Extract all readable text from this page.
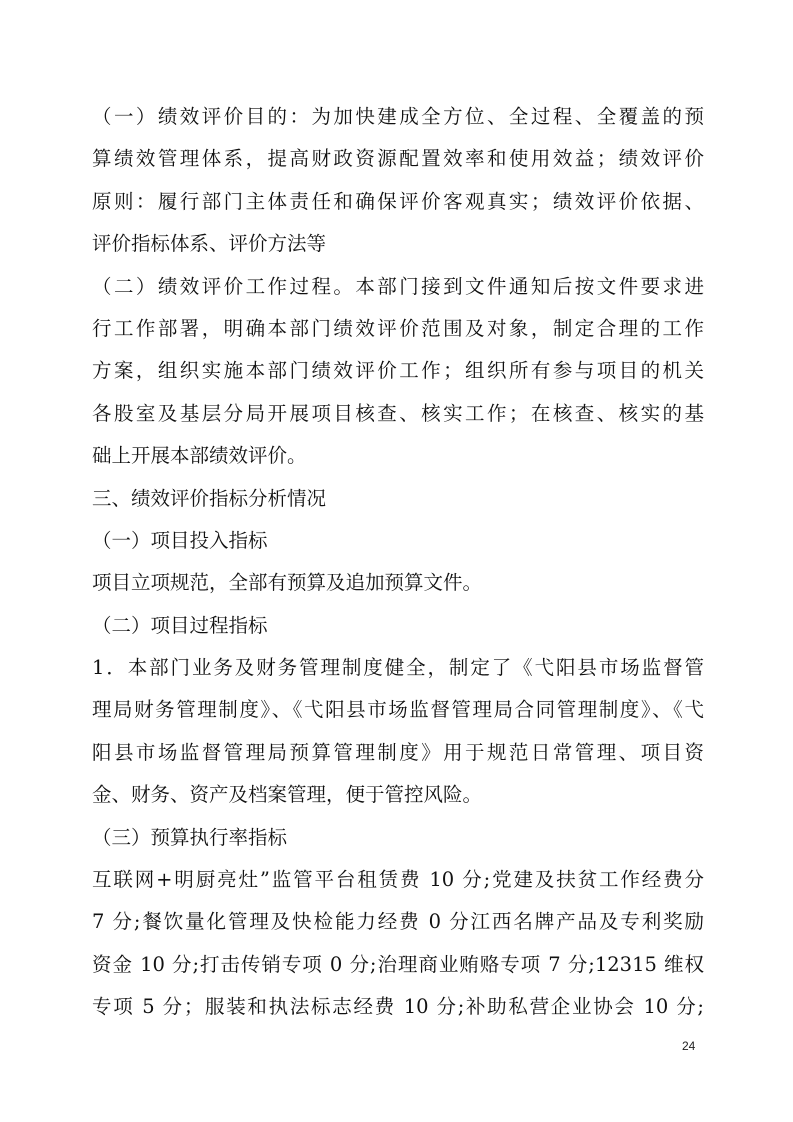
（一）绩效评价目的：为加快建成全方位、全过程、全覆盖的预
算绩效管理体系，提高财政资源配置效率和使用效益；绩效评价
原则：履行部门主体责任和确保评价客观真实；绩效评价依据、
评价指标体系、评价方法等
（二）绩效评价工作过程。本部门接到文件通知后按文件要求进
行工作部署，明确本部门绩效评价范围及对象，制定合理的工作
方案，组织实施本部门绩效评价工作；组织所有参与项目的机关
各股室及基层分局开展项目核查、核实工作；在核查、核实的基
础上开展本部绩效评价。
三、绩效评价指标分析情况
（一）项目投入指标
项目立项规范，全部有预算及追加预算文件。
（二）项目过程指标
1．本部门业务及财务管理制度健全，制定了《弋阳县市场监督管
理局财务管理制度》、《弋阳县市场监督管理局合同管理制度》、《弋
阳县市场监督管理局预算管理制度》用于规范日常管理、项目资
金、财务、资产及档案管理，便于管控风险。
（三）预算执行率指标
互联网+明厨亮灶”监管平台租赁费 10 分;党建及扶贫工作经费分
7 分;餐饮量化管理及快检能力经费 0 分江西名牌产品及专利奖励
资金 10 分;打击传销专项 0 分;治理商业贿赂专项 7 分;12315 维权
专项 5 分；服装和执法标志经费 10 分;补助私营企业协会 10 分;
24
